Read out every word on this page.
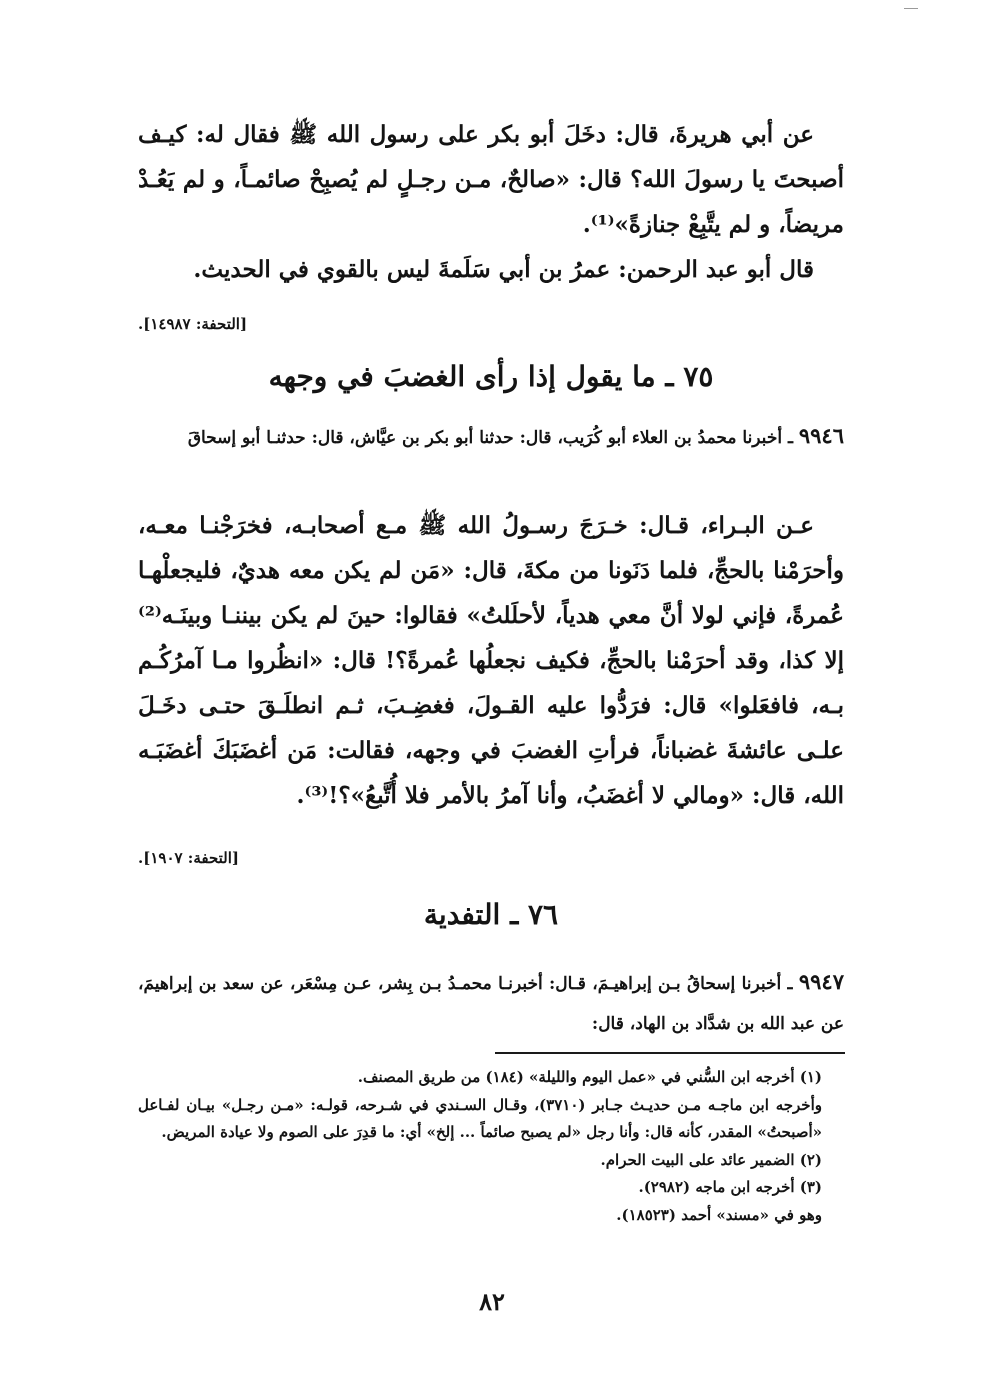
عن أبي هريرةَ، قال: دخَلَ أبو بكر على رسول الله ﷺ فقال له: كيـف أصبحتَ يا رسولَ الله؟ قال: «صالحٌ، مـن رجـلٍ لم يُصبِحْ صائمـاً، و لم يَعُـدْ مريضاً، و لم يتَّبِعْ جنازةً»⁽¹⁾.

قال أبو عبد الرحمن: عمرُ بن أبي سَلَمةَ ليس بالقوي في الحديث.

[التحفة: ١٤٩٨٧].
٧٥ ـ ما يقول إذا رأى الغضبَ في وجهه
٩٩٤٦ ـ أخبرنا محمدُ بن العلاء أبو كُرَيب، قال: حدثنا أبو بكر بن عيَّاش، قال: حدثنـا أبو إسحاقَ

عـن البـراء، قـال: خـرَجَ رسـولُ الله ﷺ مـع أصحابـه، فخرَجْنـا معـه، وأحرَمْنا بالحجِّ، فلما دَنَونا من مكةَ، قال: «مَن لم يكن معه هديٌ، فليجعلْهـا عُمرةً، فإني لولا أنَّ معي هدياً، لأحلَلتُ» فقالوا: حينَ لم يكن بيننـا وبينَـه⁽²⁾ إلا كذا، وقد أحرَمْنا بالحجِّ، فكيف نجعلُها عُمرةً؟! قال: «انظُروا مـا آمرُكُـم بـه، فافعَلوا» قال: فرَدُّوا عليه القـولَ، فغضِـبَ، ثـم انطلَـقَ حتـى دخَـلَ علـى عائشةَ غضباناً، فرأتِ الغضبَ في وجهه، فقالت: مَن أغضَبَكَ أغضَبَـه الله، قال: «ومالي لا أغضَبُ، وأنا آمرُ بالأمر فلا أُتَّبعُ»؟!⁽³⁾.

[التحفة: ١٩٠٧].
٧٦ ـ التفدية
٩٩٤٧ ـ أخبرنا إسحاقُ بـن إبراهيـمَ، قـال: أخبرنـا محمـدُ بـن بِشر، عـن مِسْعَر، عن سعد بن إبراهيمَ، عن عبد الله بن شدَّاد بن الهاد، قال:

(١) أخرجه ابن السُّني في «عمل اليوم والليلة» (١٨٤) من طريق المصنف.

وأخرجه ابن ماجـه مـن حديـث جـابر (٣٧١٠)، وقـال السـندي في شـرحه، قولـه: «مـن رجـل» بيـان لفـاعل «أصبحتُ» المقدر، كأنه قال: وأنا رجل «لم يصبح صائماً ... إلخ» أي: ما قدِرَ على الصوم ولا عيادة المريض.

(٢) الضمير عائد على البيت الحرام.

(٣) أخرجه ابن ماجه (٢٩٨٢).

وهو في «مسند» أحمد (١٨٥٢٣).

٨٢
